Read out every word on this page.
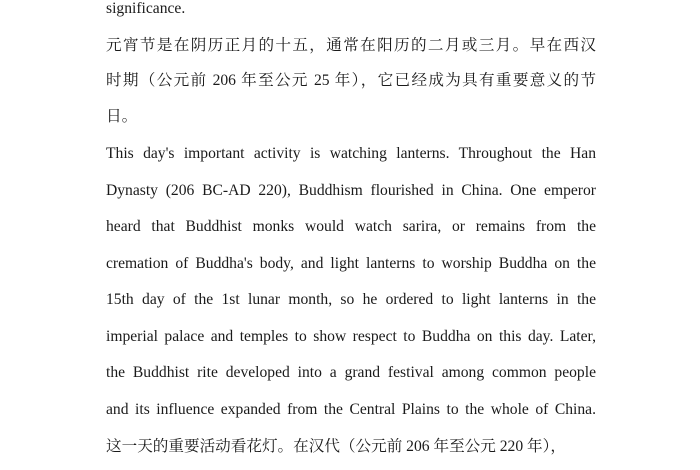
significance.
元宵节是在阴历正月的十五，通常在阳历的二月或三月。早在西汉
时期（公元前 206 年至公元 25 年），它已经成为具有重要意义的节
日。
This day's important activity is watching lanterns. Throughout the Han
Dynasty (206 BC-AD 220), Buddhism flourished in China. One emperor
heard that Buddhist monks would watch sarira, or remains from the
cremation of Buddha's body, and light lanterns to worship Buddha on the
15th day of the 1st lunar month, so he ordered to light lanterns in the
imperial palace and temples to show respect to Buddha on this day. Later,
the Buddhist rite developed into a grand festival among common people
and its influence expanded from the Central Plains to the whole of China.
这一天的重要活动看花灯。在汉代（公元前 206 年至公元 220 年），
